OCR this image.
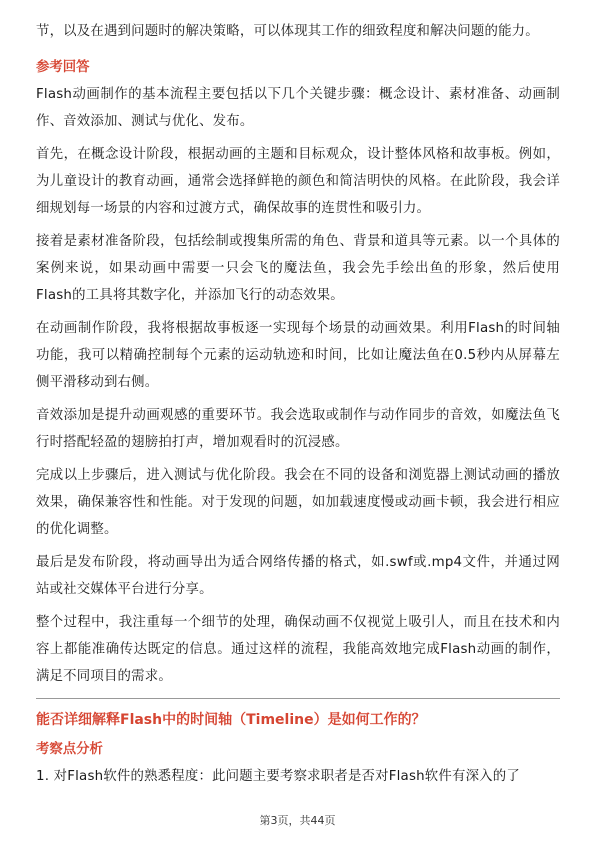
节，以及在遇到问题时的解决策略，可以体现其工作的细致程度和解决问题的能力。

参考回答

Flash动画制作的基本流程主要包括以下几个关键步骤：概念设计、素材准备、动画制作、音效添加、测试与优化、发布。

首先，在概念设计阶段，根据动画的主题和目标观众，设计整体风格和故事板。例如，为儿童设计的教育动画，通常会选择鲜艳的颜色和简洁明快的风格。在此阶段，我会详细规划每一场景的内容和过渡方式，确保故事的连贯性和吸引力。

接着是素材准备阶段，包括绘制或搜集所需的角色、背景和道具等元素。以一个具体的案例来说，如果动画中需要一只会飞的魔法鱼，我会先手绘出鱼的形象，然后使用Flash的工具将其数字化，并添加飞行的动态效果。

在动画制作阶段，我将根据故事板逐一实现每个场景的动画效果。利用Flash的时间轴功能，我可以精确控制每个元素的运动轨迹和时间，比如让魔法鱼在0.5秒内从屏幕左侧平滑移动到右侧。

音效添加是提升动画观感的重要环节。我会选取或制作与动作同步的音效，如魔法鱼飞行时搭配轻盈的翅膀拍打声，增加观看时的沉浸感。

完成以上步骤后，进入测试与优化阶段。我会在不同的设备和浏览器上测试动画的播放效果，确保兼容性和性能。对于发现的问题，如加载速度慢或动画卡顿，我会进行相应的优化调整。

最后是发布阶段，将动画导出为适合网络传播的格式，如.swf或.mp4文件，并通过网站或社交媒体平台进行分享。

整个过程中，我注重每一个细节的处理，确保动画不仅视觉上吸引人，而且在技术和内容上都能准确传达既定的信息。通过这样的流程，我能高效地完成Flash动画的制作，满足不同项目的需求。

能否详细解释Flash中的时间轴（Timeline）是如何工作的？

考察点分析

1. 对Flash软件的熟悉程度：此问题主要考察求职者是否对Flash软件有深入的了

第3页，共44页
